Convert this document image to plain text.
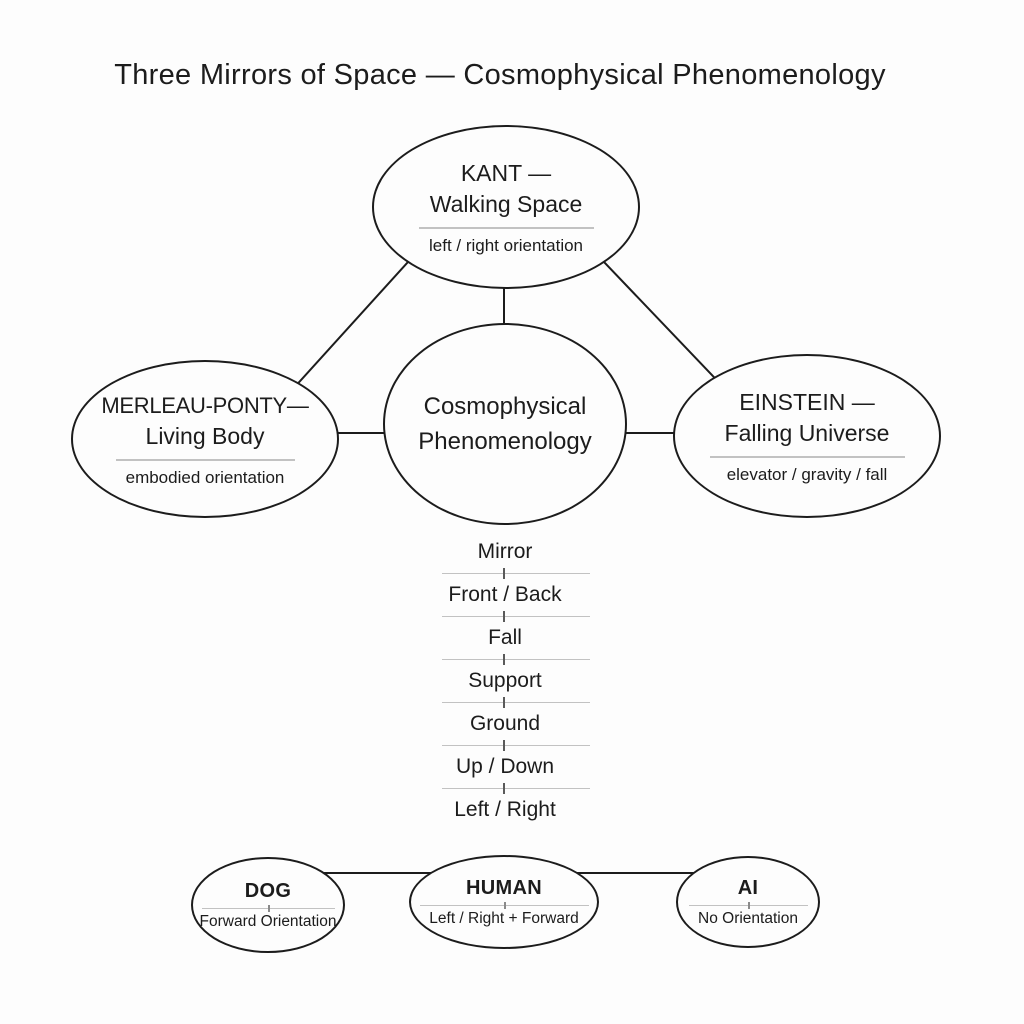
Three Mirrors of Space — Cosmophysical Phenomenology
KANT —
Walking Space
left / right orientation
MERLEAU-PONTY—
Living Body
embodied orientation
Cosmophysical
Phenomenology
EINSTEIN —
Falling Universe
elevator / gravity / fall
Mirror
Front / Back
Fall
Support
Ground
Up / Down
Left / Right
DOG
Forward Orientation
HUMAN
Left / Right + Forward
AI
No Orientation
